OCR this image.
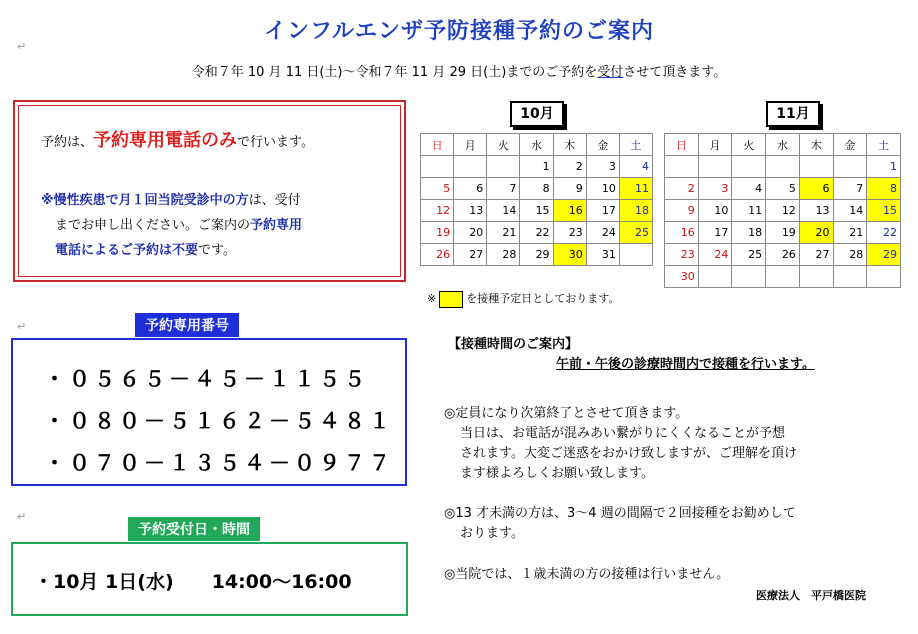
インフルエンザ予防接種予約のご案内
令和７年 10 月 11 日(土)～令和７年 11 月 29 日(土)までのご予約を受付させて頂きます。
予約は、予約専用電話のみで行います。
※慢性疾患で月１回当院受診中の方は、受付
までお申し出ください。ご案内の予約専用
電話によるご予約は不要です。
10月
日	月	火	水	木	金	土
			1	2	3	4
5	6	7	8	9	10	11
12	13	14	15	16	17	18
19	20	21	22	23	24	25
26	27	28	29	30	31	
11月
日	月	火	水	木	金	土
						1
2	3	4	5	6	7	8
9	10	11	12	13	14	15
16	17	18	19	20	21	22
23	24	25	26	27	28	29
30						
※	を接種予定日としております。
予約専用番号
・０５６５－４５－１１５５
・０８０－５１６２－５４８１
・０７０－１３５４－０９７７
予約受付日・時間
・10月 1日(水)　　14:00～16:00
【接種時間のご案内】
午前・午後の診療時間内で接種を行います。
◎定員になり次第終了とさせて頂きます。
当日は、お電話が混みあい繋がりにくくなることが予想
されます。大変ご迷惑をおかけ致しますが、ご理解を頂け
ます様よろしくお願い致します。
◎13 才未満の方は、3～4 週の間隔で２回接種をお勧めして
おります。
◎当院では、１歳未満の方の接種は行いません。
医療法人　平戸橋医院
↵
↵
↵
